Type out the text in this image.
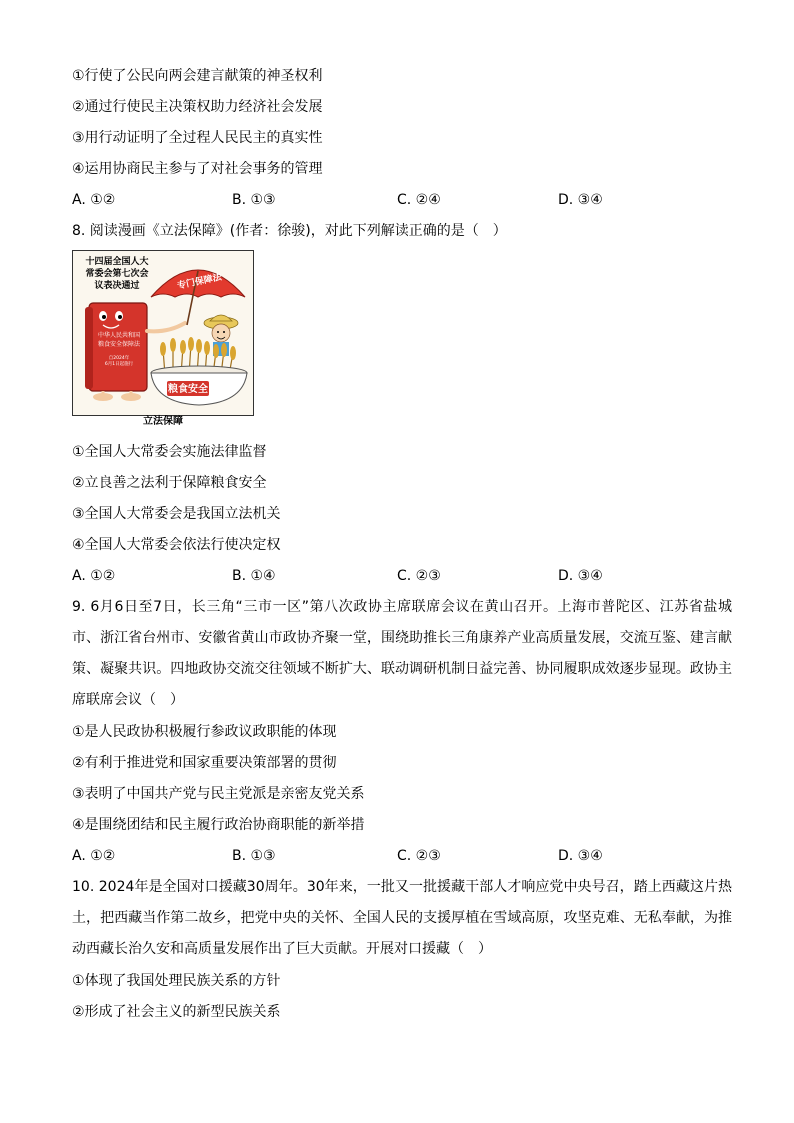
①行使了公民向两会建言献策的神圣权利
②通过行使民主决策权助力经济社会发展
③用行动证明了全过程人民民主的真实性
④运用协商民主参与了对社会事务的管理
A. ①②	B. ①③	C. ②④	D. ③④
8. 阅读漫画《立法保障》(作者：徐骏)，对此下列解读正确的是（　）
十四届全国人大
常委会第七次会
议表决通过
中华人民共和国
粮食安全保障法
自2024年
6月1日起施行
专门保障法
粮食安全
立法保障
①全国人大常委会实施法律监督
②立良善之法利于保障粮食安全
③全国人大常委会是我国立法机关
④全国人大常委会依法行使决定权
A. ①②	B. ①④	C. ②③	D. ③④
9. 6月6日至7日，长三角“三市一区”第八次政协主席联席会议在黄山召开。上海市普陀区、江苏省盐城市、浙江省台州市、安徽省黄山市政协齐聚一堂，围绕助推长三角康养产业高质量发展，交流互鉴、建言献策、凝聚共识。四地政协交流交往领域不断扩大、联动调研机制日益完善、协同履职成效逐步显现。政协主席联席会议（　）
①是人民政协积极履行参政议政职能的体现
②有利于推进党和国家重要决策部署的贯彻
③表明了中国共产党与民主党派是亲密友党关系
④是围绕团结和民主履行政治协商职能的新举措
A. ①②	B. ①③	C. ②③	D. ③④
10. 2024年是全国对口援藏30周年。30年来，一批又一批援藏干部人才响应党中央号召，踏上西藏这片热土，把西藏当作第二故乡，把党中央的关怀、全国人民的支援厚植在雪域高原，攻坚克难、无私奉献，为推动西藏长治久安和高质量发展作出了巨大贡献。开展对口援藏（　）
①体现了我国处理民族关系的方针
②形成了社会主义的新型民族关系
